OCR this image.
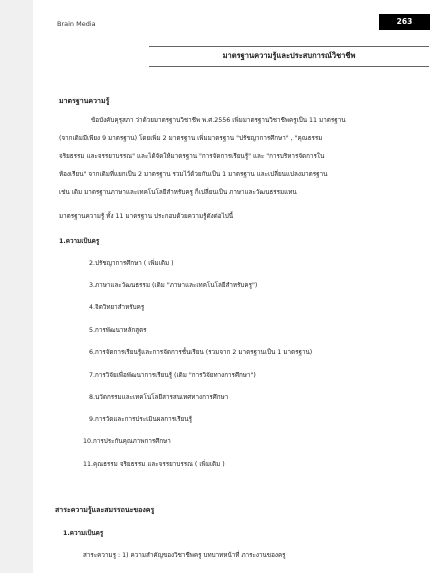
Brain Media	263
มาตรฐานความรู้และประสบการณ์วิชาชีพ
มาตรฐานความรู้
ข้อบังคับคุรุสภา ว่าด้วยมาตรฐานวิชาชีพ พ.ศ.2556 เพิ่มมาตรฐานวิชาชีพครูเป็น 11 มาตรฐาน
(จากเดิมมีเพียง 9 มาตรฐาน) โดยเพิ่ม 2 มาตรฐาน เพิ่มมาตรฐาน "ปรัชญาการศึกษา" , "คุณธรรม
จริยธรรม และจรรยาบรรณ" และได้จัดให้มาตรฐาน "การจัดการเรียนรู้" และ "การบริหารจัดการใน
ห้องเรียน" จากเดิมที่แยกเป็น 2 มาตรฐาน รวมไว้ด้วยกันเป็น 1 มาตรฐาน และเปลี่ยนแปลงมาตรฐาน
เช่น เดิม มาตรฐานภาษาและเทคโนโลยีสำหรับครู ก็เปลี่ยนเป็น ภาษาและวัฒนธรรมแทน
มาตรฐานความรู้ ทั้ง 11 มาตรฐาน ประกอบด้วยความรู้ดังต่อไปนี้
1.ความเป็นครู
2.ปรัชญาการศึกษา ( เพิ่มเติม )
3.ภาษาและวัฒนธรรม (เดิม "ภาษาและเทคโนโลยีสำหรับครู")
4.จิตวิทยาสำหรับครู
5.การพัฒนาหลักสูตร
6.การจัดการเรียนรู้และการจัดการชั้นเรียน (รวมจาก 2 มาตรฐานเป็น 1 มาตรฐาน)
7.การวิจัยเพื่อพัฒนาการเรียนรู้ (เดิม "การวิจัยทางการศึกษา")
8.นวัตกรรมและเทคโนโลยีสารสนเทศทางการศึกษา
9.การวัดและการประเมินผลการเรียนรู้
10.การประกันคุณภาพการศึกษา
11.คุณธรรม จริยธรรม และจรรยาบรรณ ( เพิ่มเติม )
สาระความรู้และสมรรถนะของครู
1.ความเป็นครู
สาระความรู : 1) ความสำคัญของวิชาชีพครู บทบาทหน้าที่ ภาระงานของครู
